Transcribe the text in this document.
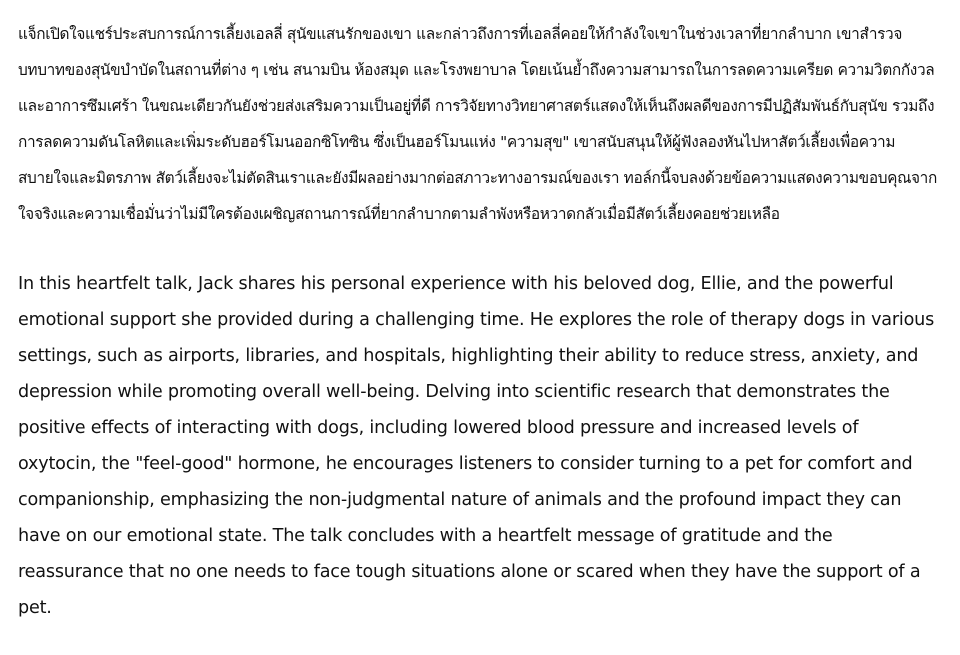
แจ็กเปิดใจแชร์ประสบการณ์การเลี้ยงเอลลี่ สุนัขแสนรักของเขา และกล่าวถึงการที่เอลลี่คอยให้กำลังใจเขาในช่วงเวลาที่ยากลำบาก เขาสำรวจบทบาทของสุนัขบำบัดในสถานที่ต่าง ๆ เช่น สนามบิน ห้องสมุด และโรงพยาบาล โดยเน้นย้ำถึงความสามารถในการลดความเครียด ความวิตกกังวล และอาการซึมเศร้า ในขณะเดียวกันยังช่วยส่งเสริมความเป็นอยู่ที่ดี การวิจัยทางวิทยาศาสตร์แสดงให้เห็นถึงผลดีของการมีปฏิสัมพันธ์กับสุนัข รวมถึงการลดความดันโลหิตและเพิ่มระดับฮอร์โมนออกซิโทซิน ซึ่งเป็นฮอร์โมนแห่ง "ความสุข" เขาสนับสนุนให้ผู้ฟังลองหันไปหาสัตว์เลี้ยงเพื่อความสบายใจและมิตรภาพ สัตว์เลี้ยงจะไม่ตัดสินเราและยังมีผลอย่างมากต่อสภาวะทางอารมณ์ของเรา ทอล์กนี้จบลงด้วยข้อความแสดงความขอบคุณจากใจจริงและความเชื่อมั่นว่าไม่มีใครต้องเผชิญสถานการณ์ที่ยากลำบากตามลำพังหรือหวาดกลัวเมื่อมีสัตว์เลี้ยงคอยช่วยเหลือ

In this heartfelt talk, Jack shares his personal experience with his beloved dog, Ellie, and the powerful emotional support she provided during a challenging time. He explores the role of therapy dogs in various settings, such as airports, libraries, and hospitals, highlighting their ability to reduce stress, anxiety, and depression while promoting overall well-being. Delving into scientific research that demonstrates the positive effects of interacting with dogs, including lowered blood pressure and increased levels of oxytocin, the "feel-good" hormone, he encourages listeners to consider turning to a pet for comfort and companionship, emphasizing the non-judgmental nature of animals and the profound impact they can have on our emotional state. The talk concludes with a heartfelt message of gratitude and the reassurance that no one needs to face tough situations alone or scared when they have the support of a pet.
